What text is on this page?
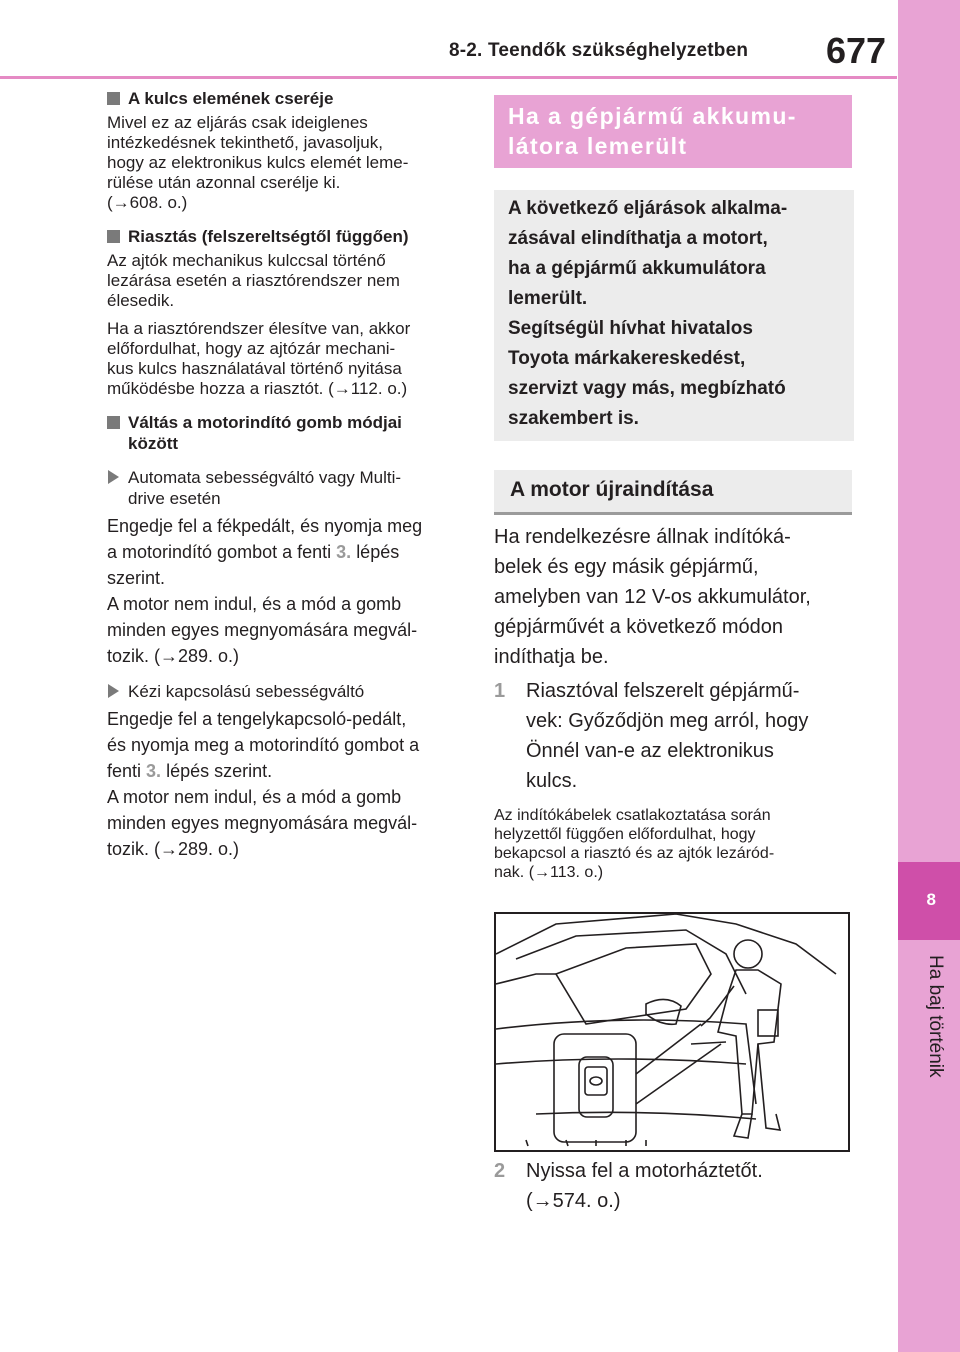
8-2. Teendők szükséghelyzetben 677
8
Ha baj történik

A kulcs elemének cseréje

Mivel ez az eljárás csak ideiglenes
intézkedésnek tekinthető, javasoljuk,
hogy az elektronikus kulcs elemét leme-
rülése után azonnal cserélje ki.
(→608. o.)

Riasztás (felszereltségtől függően)

Az ajtók mechanikus kulccsal történő
lezárása esetén a riasztórendszer nem
élesedik.
Ha a riasztórendszer élesítve van, akkor
előfordulhat, hogy az ajtózár mechani-
kus kulcs használatával történő nyitása
működésbe hozza a riasztót. (→112. o.)
Váltás a motorindító gomb módjai
között
Automata sebességváltó vagy Multi-
drive esetén
Engedje fel a fékpedált, és nyomja meg
a motorindító gombot a fenti 3. lépés
szerint.
A motor nem indul, és a mód a gomb
minden egyes megnyomására megvál-
tozik. (→289. o.)
Kézi kapcsolású sebességváltó
Engedje fel a tengelykapcsoló-pedált,
és nyomja meg a motorindító gombot a
fenti 3. lépés szerint.
A motor nem indul, és a mód a gomb
minden egyes megnyomására megvál-
tozik. (→289. o.)
Ha a gépjármű akkumu-
látora lemerült
A következő eljárások alkalma-
zásával elindíthatja a motort,
ha a gépjármű akkumulátora
lemerült.
Segítségül hívhat hivatalos
Toyota márkakereskedést,
szervizt vagy más, megbízható
szakembert is.
A motor újraindítása
Ha rendelkezésre állnak indítóká-
belek és egy másik gépjármű,
amelyben van 12 V-os akkumulátor,
gépjárművét a következő módon
indíthatja be.
1 Riasztóval felszerelt gépjármű-
vek: Győződjön meg arról, hogy
Önnél van-e az elektronikus
kulcs.
Az indítókábelek csatlakoztatása során
helyzettől függően előfordulhat, hogy
bekapcsol a riasztó és az ajtók lezáród-
nak. (→113. o.)
2 Nyissa fel a motorháztetőt.
(→574. o.)
